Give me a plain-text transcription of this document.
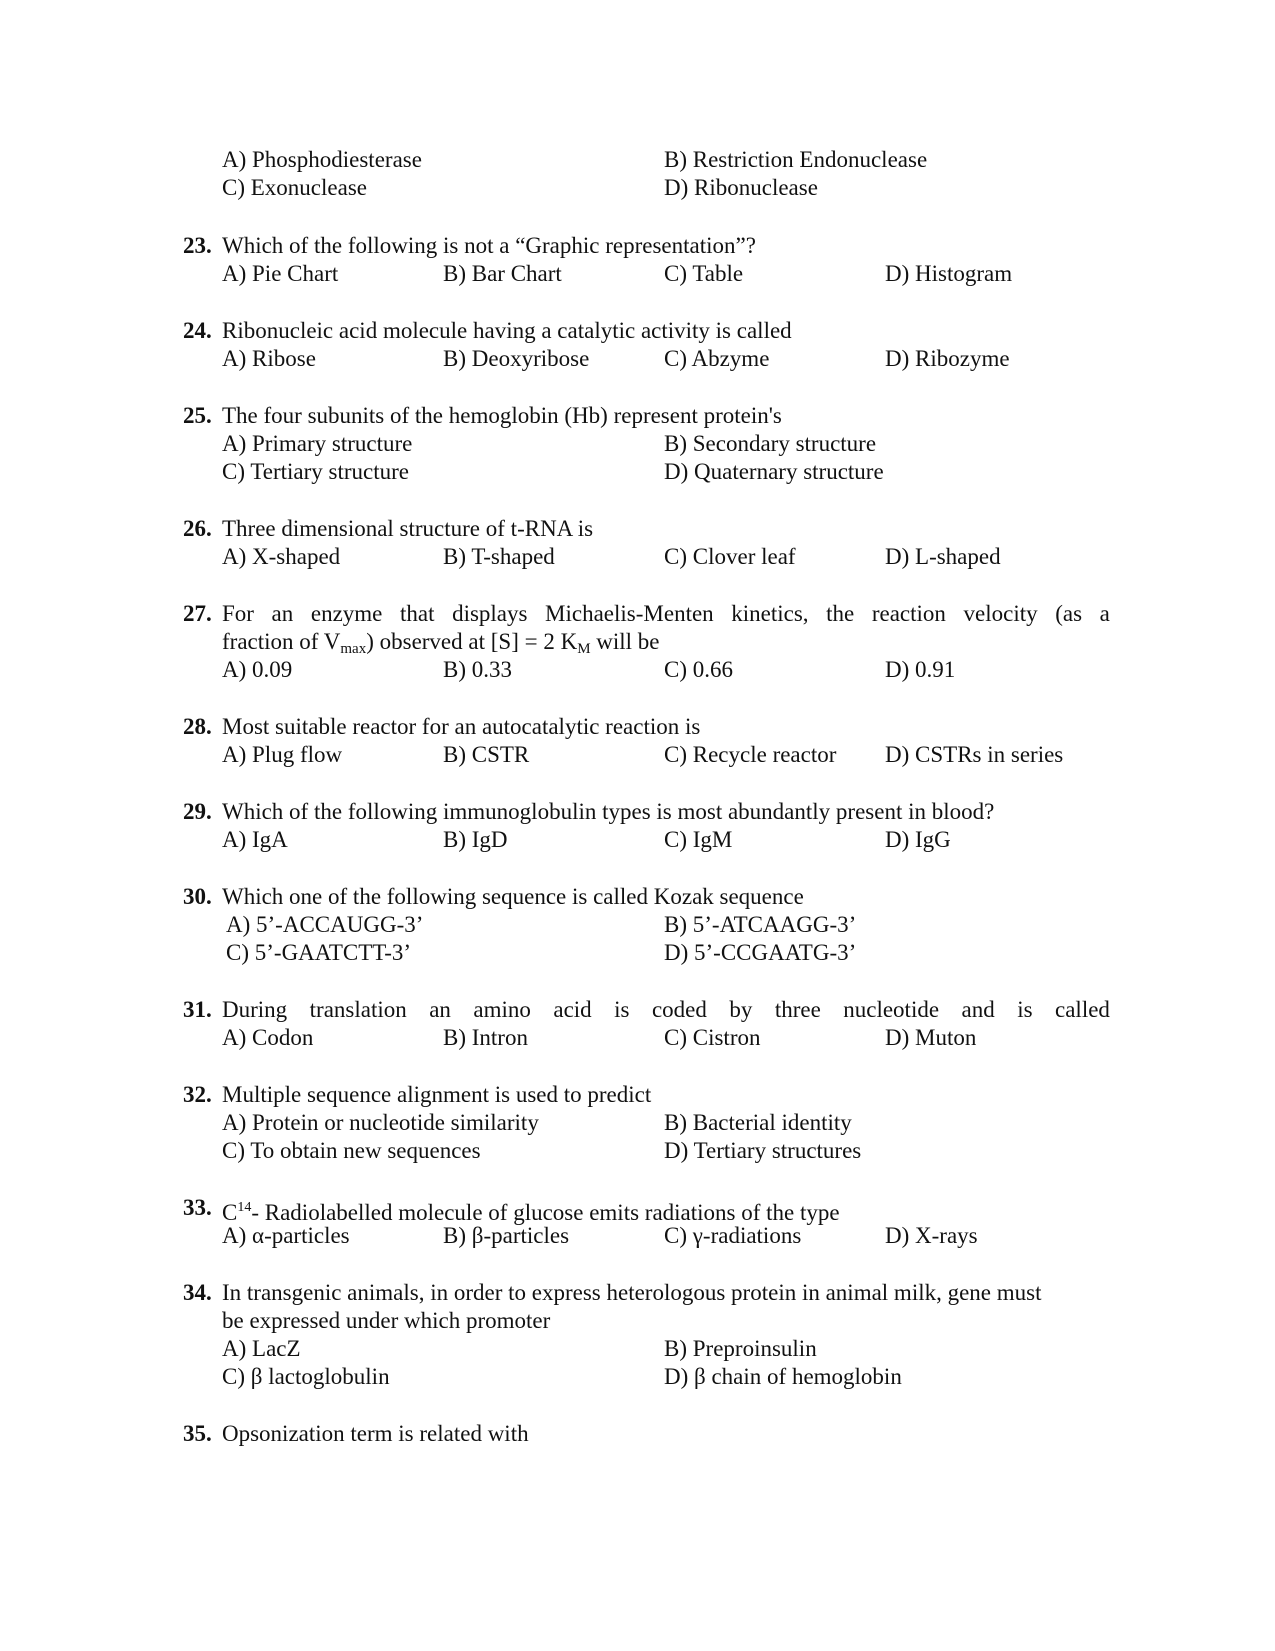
A) Phosphodiesterase	B) Restriction Endonuclease
C) Exonuclease	D) Ribonuclease
23. Which of the following is not a “Graphic representation”?
A) Pie Chart	B) Bar Chart	C) Table	D) Histogram
24. Ribonucleic acid molecule having a catalytic activity is called
A) Ribose	B) Deoxyribose	C) Abzyme	D) Ribozyme
25. The four subunits of the hemoglobin (Hb) represent protein's
A) Primary structure	B) Secondary structure
C) Tertiary structure	D) Quaternary structure
26. Three dimensional structure of t-RNA is
A) X-shaped	B) T-shaped	C) Clover leaf	D) L-shaped
27. For an enzyme that displays Michaelis-Menten kinetics, the reaction velocity (as a
fraction of $V_{max}$) observed at [S] = 2 $K_M$ will be
A) 0.09	B) 0.33	C) 0.66	D) 0.91
28. Most suitable reactor for an autocatalytic reaction is
A) Plug flow	B) CSTR	C) Recycle reactor D) CSTRs in series
29. Which of the following immunoglobulin types is most abundantly present in blood?
A) IgA	B) IgD	C) IgM	D) IgG
30. Which one of the following sequence is called Kozak sequence
A) 5’-ACCAUGG-3’	B) 5’-ATCAAGG-3’
C) 5’-GAATCTT-3’	D) 5’-CCGAATG-3’
31. During translation an amino acid is coded by three nucleotide and is called
A) Codon	B) Intron	C) Cistron	D) Muton
32. Multiple sequence alignment is used to predict
A) Protein or nucleotide similarity	B) Bacterial identity
C) To obtain new sequences	D) Tertiary structures
33. $C^{14}-$ Radiolabelled molecule of glucose emits radiations of the type
A) α-particles	B) β-particles	C) γ-radiations	D) X-rays
34. In transgenic animals, in order to express heterologous protein in animal milk, gene must
be expressed under which promoter
A) LacZ	B) Preproinsulin
C) β lactoglobulin	D) β chain of hemoglobin
35. Opsonization term is related with
